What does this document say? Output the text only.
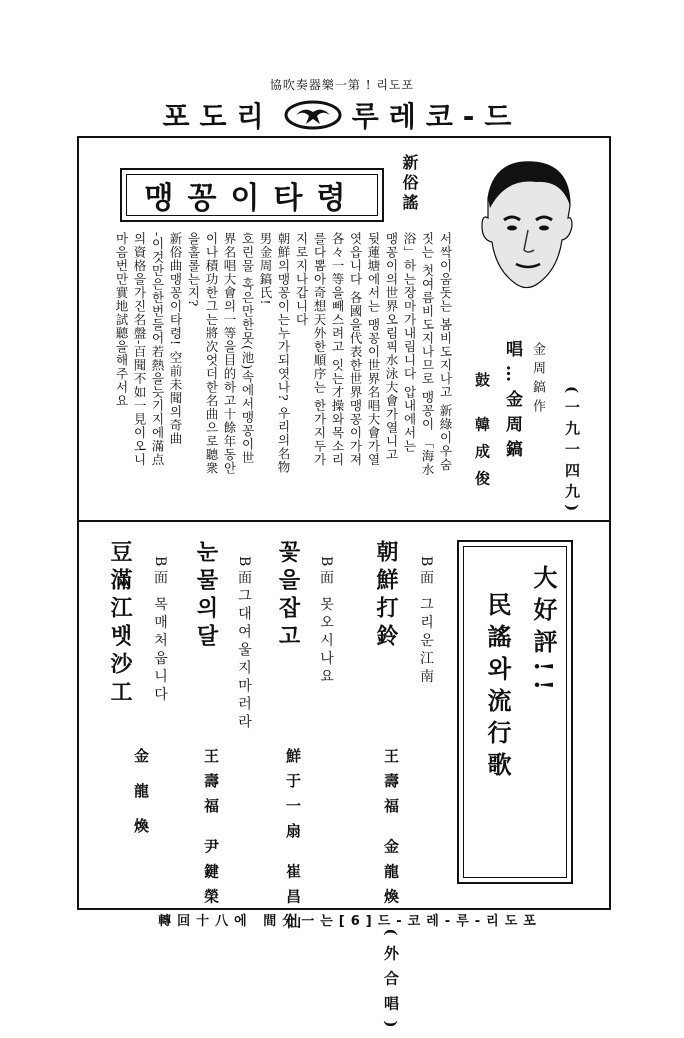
協吹奏器樂一第 ! 리도포
포도리	루레코-드
(一九一四九)
金周鎬作
唱…金周鎬
鼓 韓成俊
新俗謠
맹꽁이타령
서싹이움돗는 봄비도지나고 新綠이우숨
짓는 첫여름비도지나므로 맹꽁이 「海水
浴」하는장마가내림니다 압내에서는
맹꽁이의世界오림픽水泳大會가열니고
뒷蓮塘에서는 맹꽁이世界名唱大會가열
엿읍니다 各國을代表한世界맹꽁이가져
各々一等을빼스려고 잇는才操와목소리
를다뽐아奇想天外한順序는 한가지두가
지로지나갑니다
朝鮮의맹꽁이는누가되엿나? 우리의名物
男金周鎬氏!
호린물 혹은만한못(池)속에서맹꽁이世
界名唱大會의一等을目的하고十餘年동안
이나積功한그는將次엇더한名曲으로聽衆
을홀롤는지?
新俗曲맹꽁이타령! 空前未聞의奇曲
-이것만은한번들어若熱을늣기지에滿点
의資格을가진名盤-百聞不如一見이오니
마음번만實地試聽을해주서요
大好評!!
民謠와流行歌
朝鮮打鈴 B面 그리운江南
王壽福 金龍煥 (外合唱)
꽃을잡고 B面 못오시나요
鮮于一扇 崔昌仙
눈물의달 B面그대여울지마러라
王壽福 尹鍵榮
豆滿江뱃沙工 B面 목매처웁니다
金龍煥
轉回十八에 間分一는[6]드-코레-루-리도포
